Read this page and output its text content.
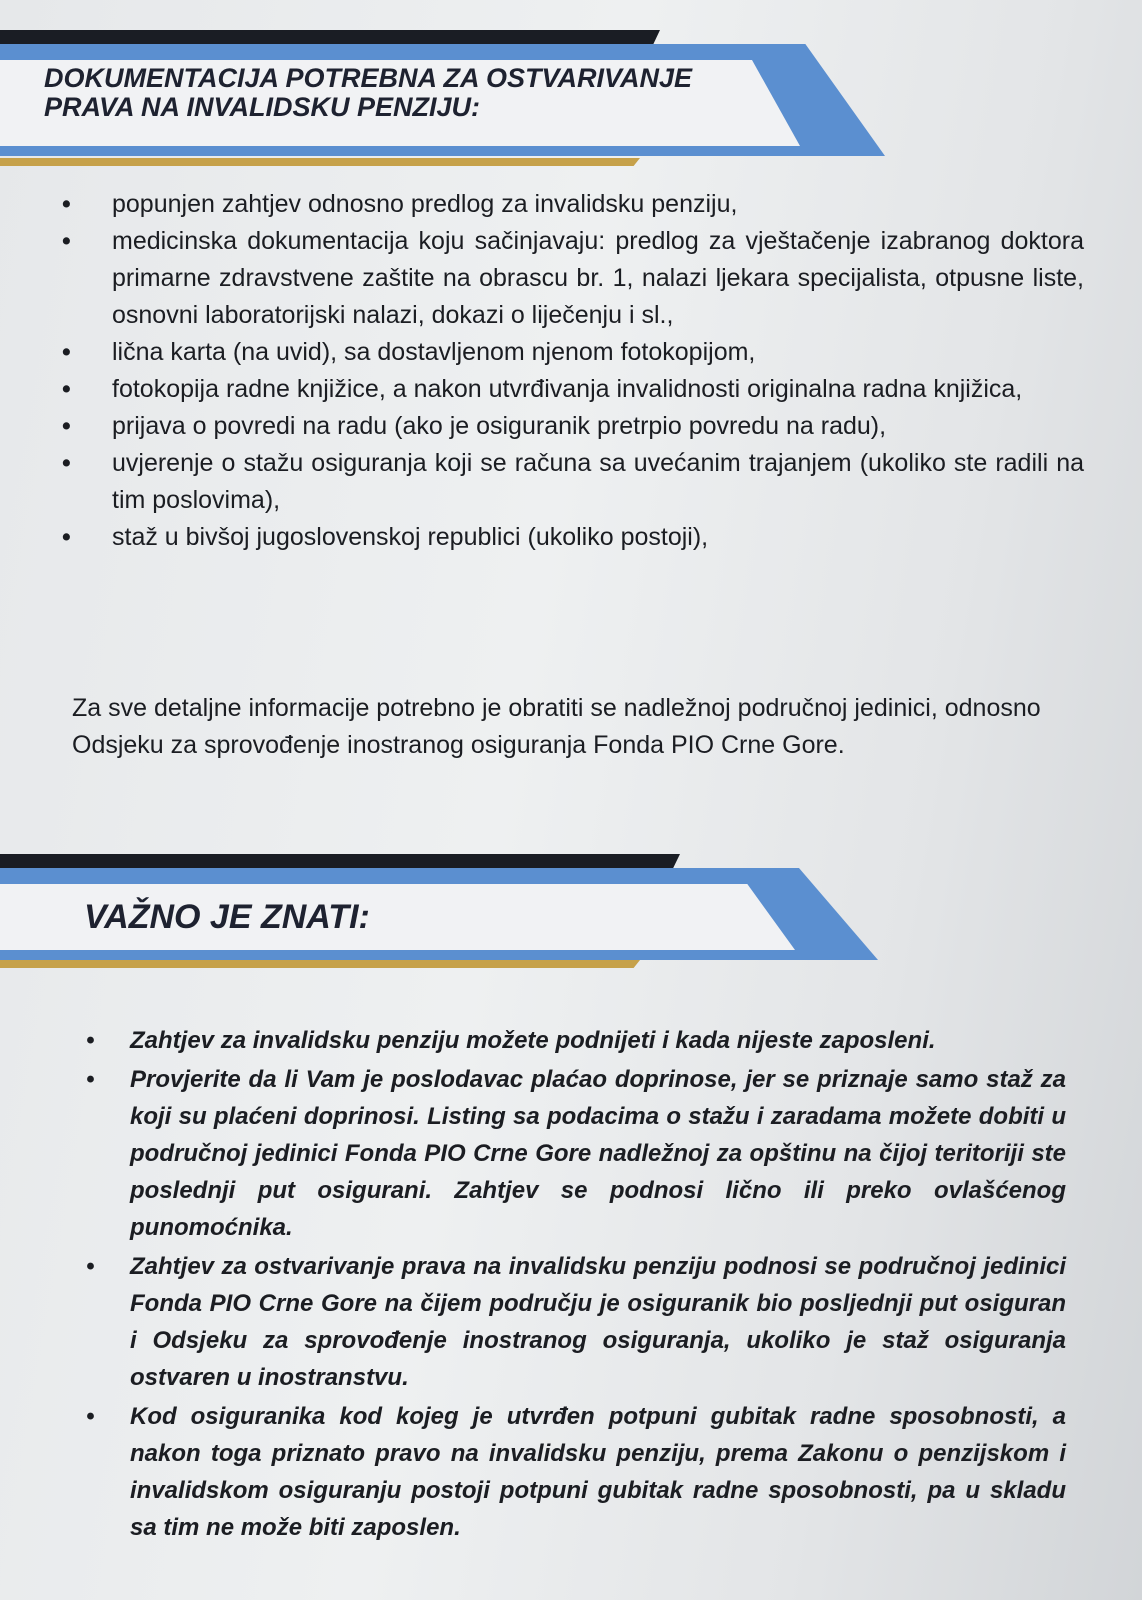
DOKUMENTACIJA POTREBNA ZA OSTVARIVANJE
PRAVA NA INVALIDSKU PENZIJU:
• popunjen zahtjev odnosno predlog za invalidsku penziju,
• medicinska dokumentacija koju sačinjavaju: predlog za vještačenje izabranog doktora primarne zdravstvene zaštite na obrascu br. 1, nalazi ljekara specijalista, otpusne liste, osnovni laboratorijski nalazi, dokazi o liječenju i sl.,
• lična karta (na uvid), sa dostavljenom njenom fotokopijom,
• fotokopija radne knjižice, a nakon utvrđivanja invalidnosti originalna radna knjižica,
• prijava o povredi na radu (ako je osiguranik pretrpio povredu na radu),
• uvjerenje o stažu osiguranja koji se računa sa uvećanim trajanjem (ukoliko ste radili na tim poslovima),
• staž u bivšoj jugoslovenskoj republici (ukoliko postoji),

Za sve detaljne informacije potrebno je obratiti se nadležnoj područnoj jedinici, odnosno Odsjeku za sprovođenje inostranog osiguranja Fonda PIO Crne Gore.

VAŽNO JE ZNATI:
• Zahtjev za invalidsku penziju možete podnijeti i kada nijeste zaposleni.
• Provjerite da li Vam je poslodavac plaćao doprinose, jer se priznaje samo staž za koji su plaćeni doprinosi. Listing sa podacima o stažu i zaradama možete dobiti u područnoj jedinici Fonda PIO Crne Gore nadležnoj za opštinu na čijoj teritoriji ste poslednji put osigurani. Zahtjev se podnosi lično ili preko ovlašćenog punomoćnika.
• Zahtjev za ostvarivanje prava na invalidsku penziju podnosi se područnoj jedinici Fonda PIO Crne Gore na čijem području je osiguranik bio posljednji put osiguran i Odsjeku za sprovođenje inostranog osiguranja, ukoliko je staž osiguranja ostvaren u inostranstvu.
• Kod osiguranika kod kojeg je utvrđen potpuni gubitak radne sposobnosti, a nakon toga priznato pravo na invalidsku penziju, prema Zakonu o penzijskom i invalidskom osiguranju postoji potpuni gubitak radne sposobnosti, pa u skladu sa tim ne može biti zaposlen.
